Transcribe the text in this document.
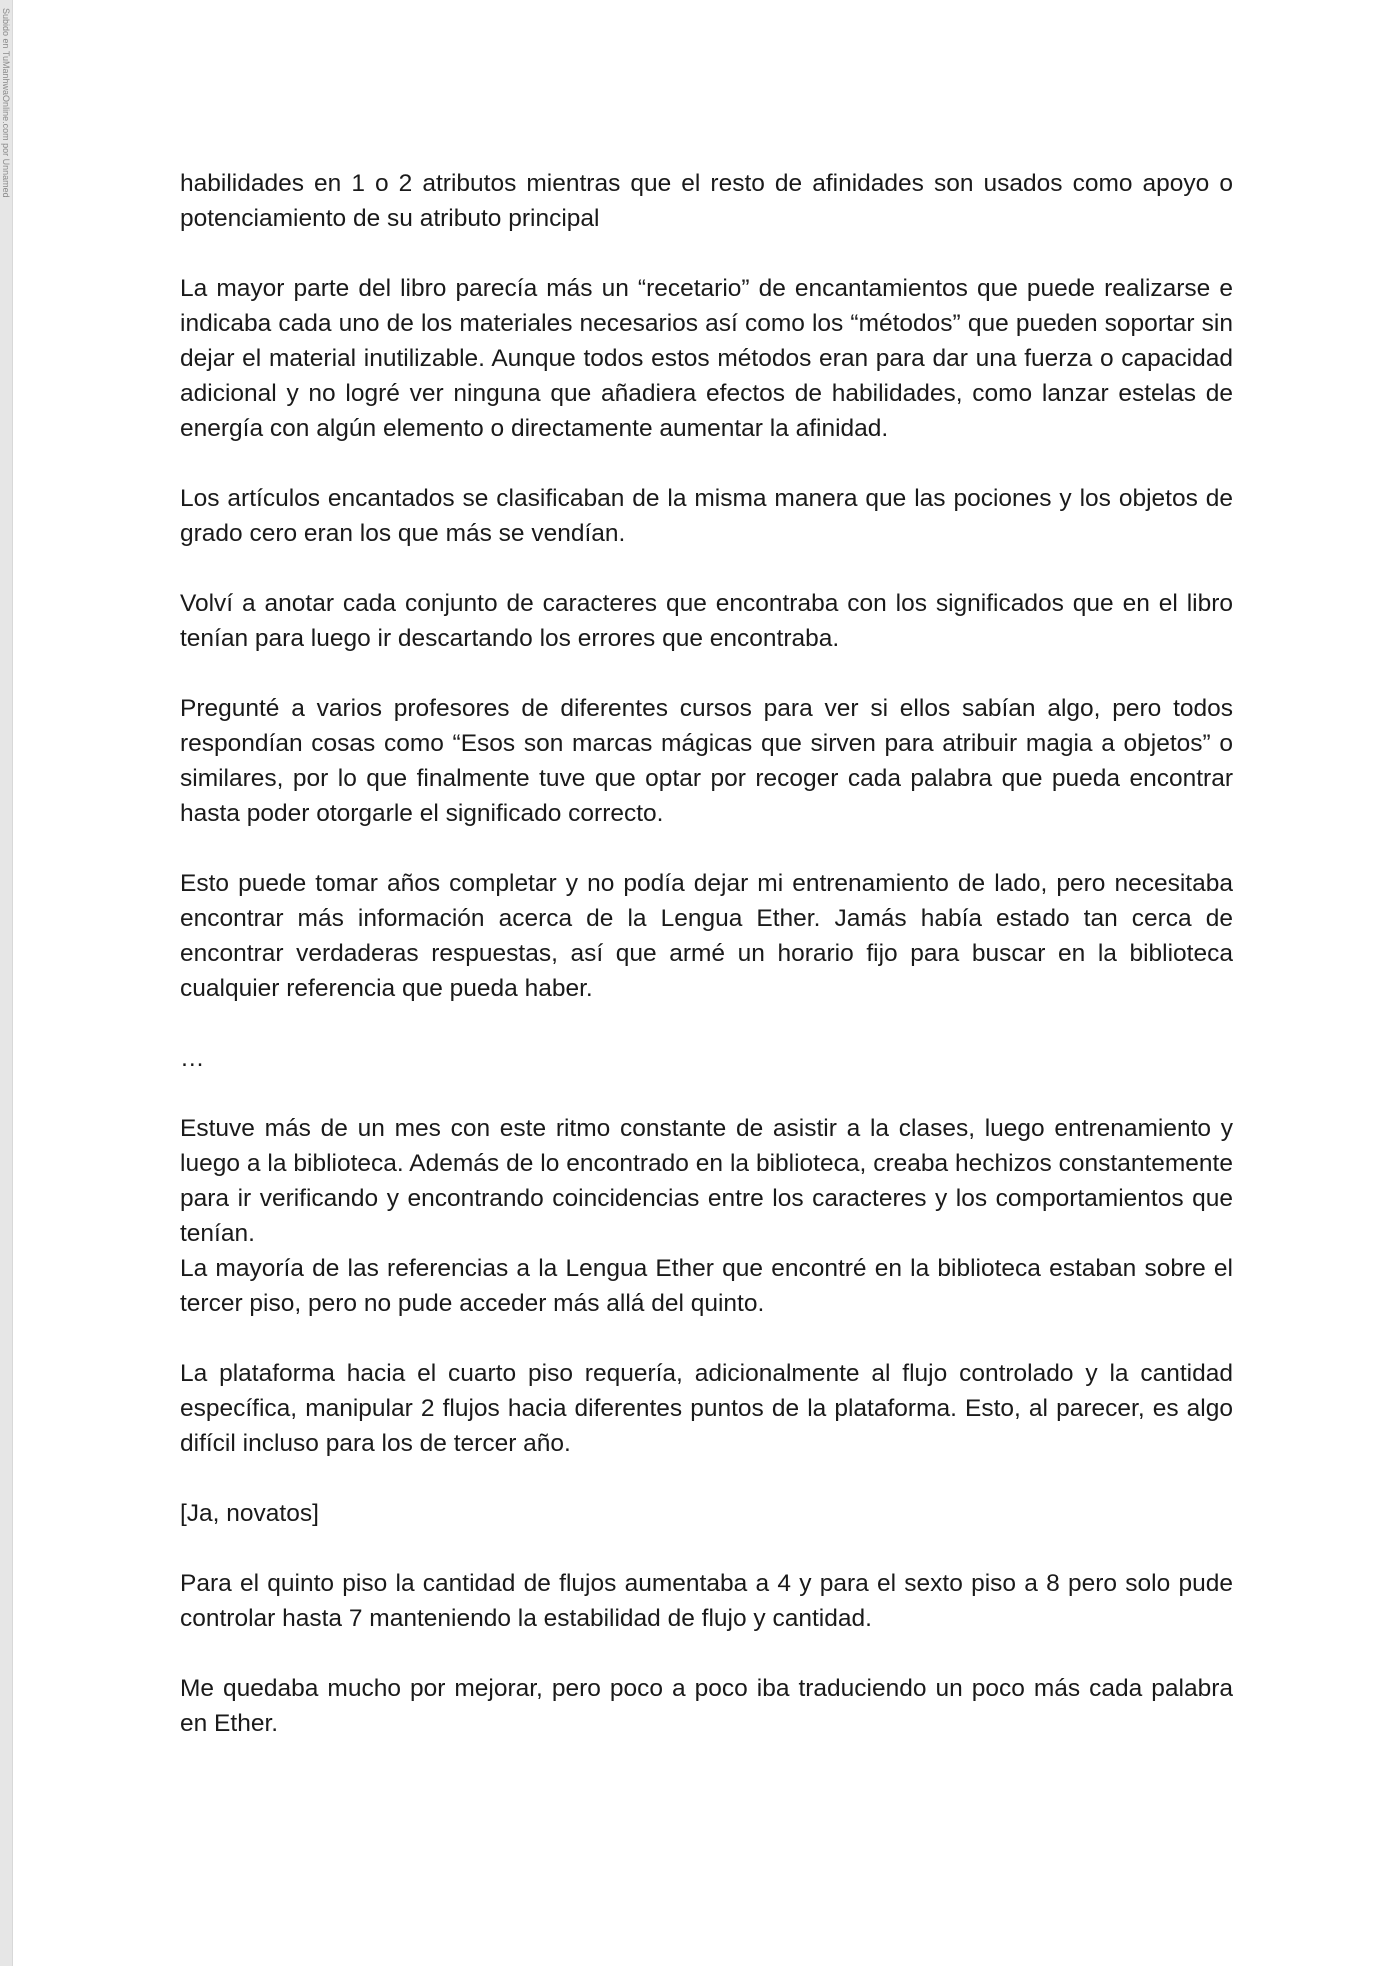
Subido en TuManhwaOnline.com por Unnamed	habilidades en 1 o 2 atributos mientras que el resto de afinidades son usados como apoyo o potenciamiento de su atributo principal

La mayor parte del libro parecía más un “recetario” de encantamientos que puede realizarse e indicaba cada uno de los materiales necesarios así como los “métodos” que pueden soportar sin dejar el material inutilizable. Aunque todos estos métodos eran para dar una fuerza o capacidad adicional y no logré ver ninguna que añadiera efectos de habilidades, como lanzar estelas de energía con algún elemento o directamente aumentar la afinidad.

Los artículos encantados se clasificaban de la misma manera que las pociones y los objetos de grado cero eran los que más se vendían.

Volví a anotar cada conjunto de caracteres que encontraba con los significados que en el libro tenían para luego ir descartando los errores que encontraba.

Pregunté a varios profesores de diferentes cursos para ver si ellos sabían algo, pero todos respondían cosas como “Esos son marcas mágicas que sirven para atribuir magia a objetos” o similares, por lo que finalmente tuve que optar por recoger cada palabra que pueda encontrar hasta poder otorgarle el significado correcto.

Esto puede tomar años completar y no podía dejar mi entrenamiento de lado, pero necesitaba encontrar más información acerca de la Lengua Ether. Jamás había estado tan cerca de encontrar verdaderas respuestas, así que armé un horario fijo para buscar en la biblioteca cualquier referencia que pueda haber.

…

Estuve más de un mes con este ritmo constante de asistir a la clases, luego entrenamiento y luego a la biblioteca. Además de lo encontrado en la biblioteca, creaba hechizos constantemente para ir verificando y encontrando coincidencias entre los caracteres y los comportamientos que tenían.

La mayoría de las referencias a la Lengua Ether que encontré en la biblioteca estaban sobre el tercer piso, pero no pude acceder más allá del quinto.

La plataforma hacia el cuarto piso requería, adicionalmente al flujo controlado y la cantidad específica, manipular 2 flujos hacia diferentes puntos de la plataforma. Esto, al parecer, es algo difícil incluso para los de tercer año.

[Ja, novatos]

Para el quinto piso la cantidad de flujos aumentaba a 4 y para el sexto piso a 8 pero solo pude controlar hasta 7 manteniendo la estabilidad de flujo y cantidad.

Me quedaba mucho por mejorar, pero poco a poco iba traduciendo un poco más cada palabra en Ether.
